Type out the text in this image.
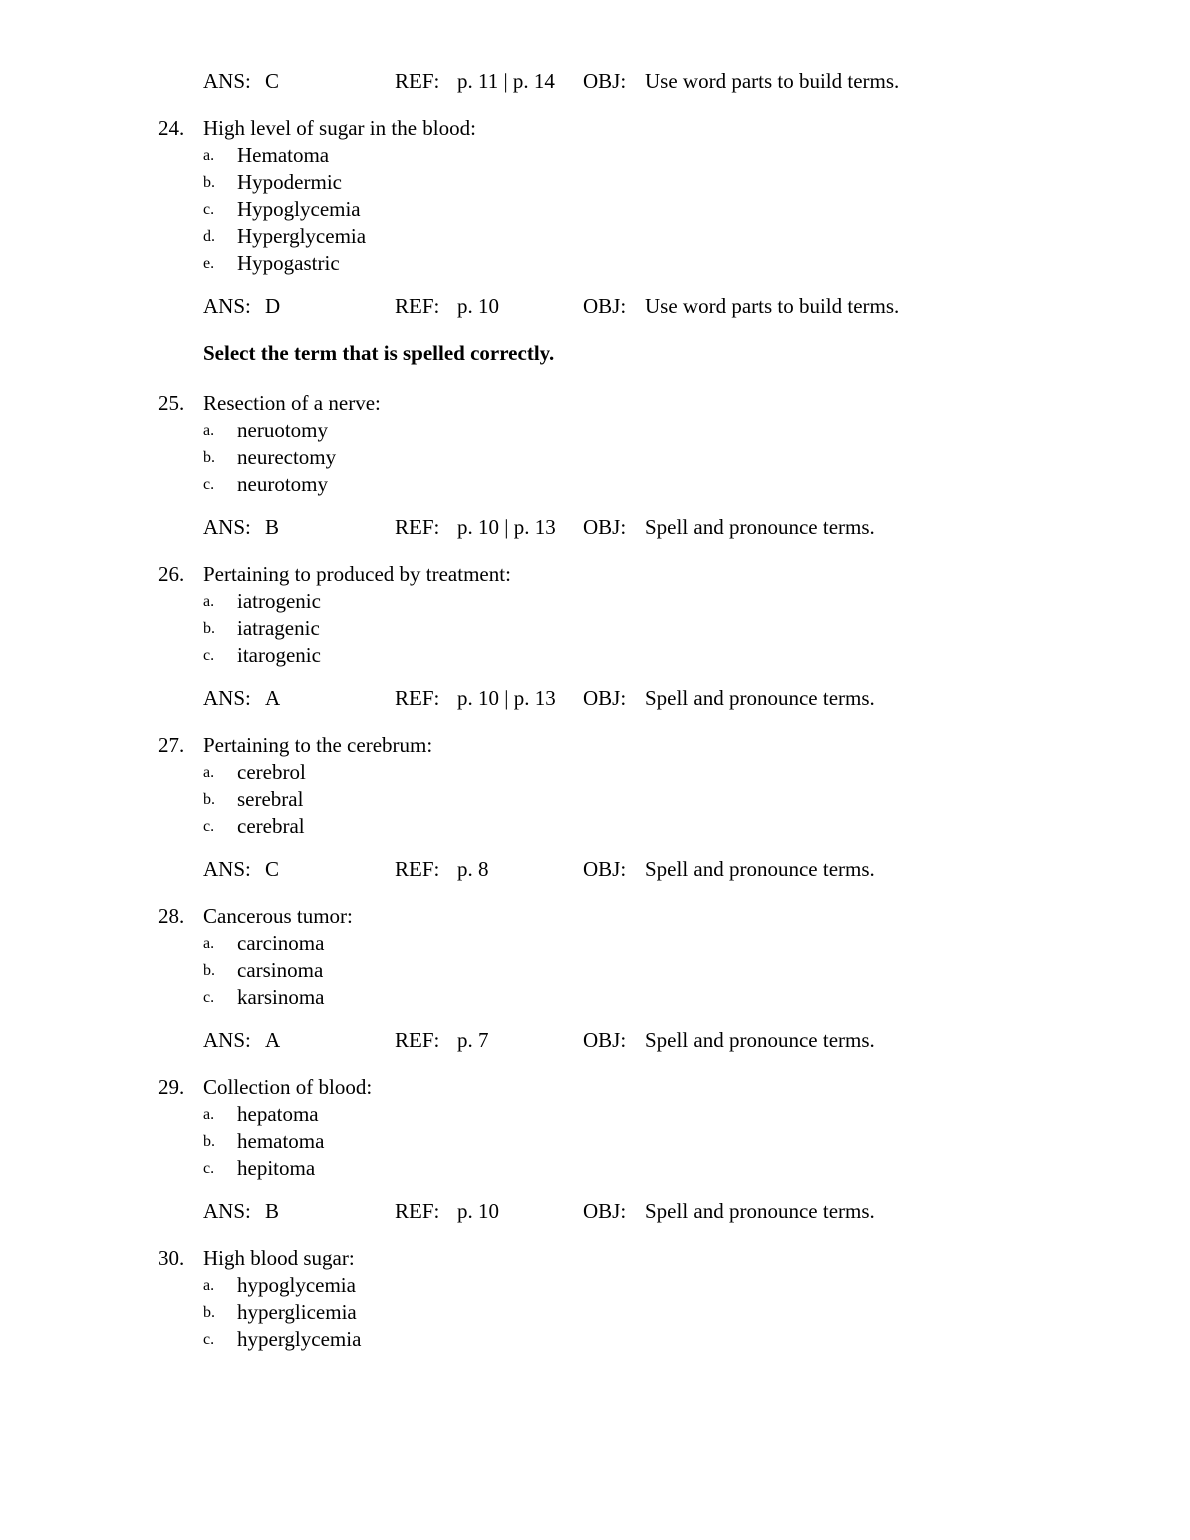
ANS: C	REF: p. 11 | p. 14 OBJ: Use word parts to build terms.
24. High level of sugar in the blood:
a.	Hematoma
b.	Hypodermic
c.	Hypoglycemia
d.	Hyperglycemia
e.	Hypogastric
ANS: D	REF: p. 10	OBJ: Use word parts to build terms.
Select the term that is spelled correctly.
25. Resection of a nerve:
a.	neruotomy
b.	neurectomy
c.	neurotomy
ANS: B	REF: p. 10 | p. 13 OBJ: Spell and pronounce terms.
26. Pertaining to produced by treatment:
a.	iatrogenic
b.	iatragenic
c.	itarogenic
ANS: A	REF: p. 10 | p. 13 OBJ: Spell and pronounce terms.
27. Pertaining to the cerebrum:
a.	cerebrol
b.	serebral
c.	cerebral
ANS: C	REF: p. 8	OBJ: Spell and pronounce terms.
28. Cancerous tumor:
a.	carcinoma
b.	carsinoma
c.	karsinoma
ANS: A	REF: p. 7	OBJ: Spell and pronounce terms.
29. Collection of blood:
a.	hepatoma
b.	hematoma
c.	hepitoma
ANS: B	REF: p. 10	OBJ: Spell and pronounce terms.
30. High blood sugar:
a.	hypoglycemia
b.	hyperglicemia
c.	hyperglycemia
